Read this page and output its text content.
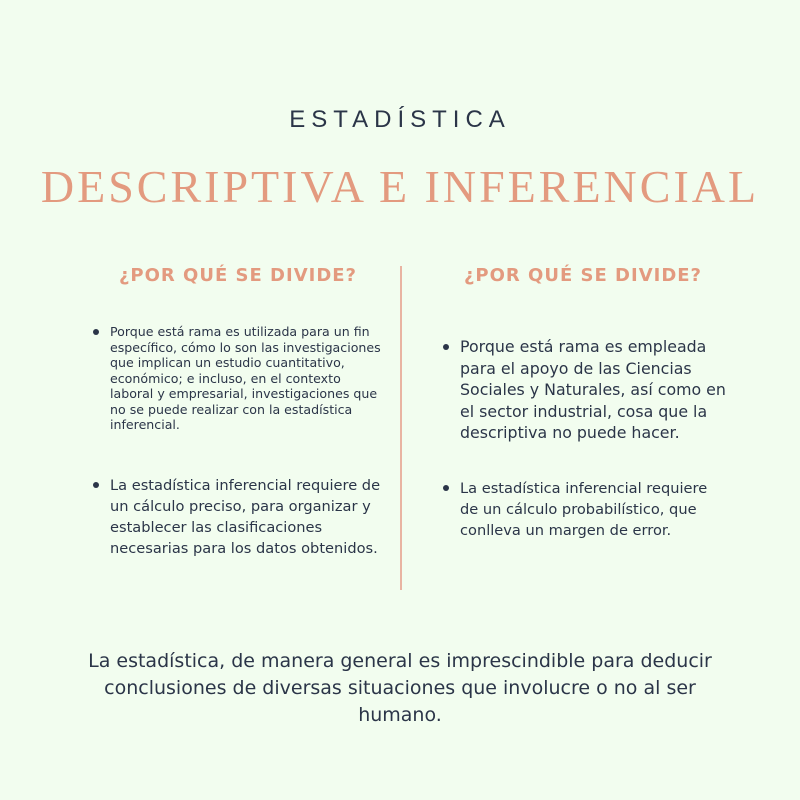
ESTADÍSTICA
DESCRIPTIVA E INFERENCIAL
¿POR QUÉ SE DIVIDE?
Porque está rama es utilizada para un fin específico, cómo lo son las investigaciones que implican un estudio cuantitativo, económico; e incluso, en el contexto laboral y empresarial, investigaciones que no se puede realizar con la estadística inferencial.
La estadística inferencial requiere de un cálculo preciso, para organizar y establecer las clasificaciones necesarias para los datos obtenidos.
¿POR QUÉ SE DIVIDE?
Porque está rama es empleada para el apoyo de las Ciencias Sociales y Naturales, así como en el sector industrial, cosa que la descriptiva no puede hacer.
La estadística inferencial requiere de un cálculo probabilístico, que conlleva un margen de error.
La estadística, de manera general es imprescindible para deducir conclusiones de diversas situaciones que involucre o no al ser humano.
